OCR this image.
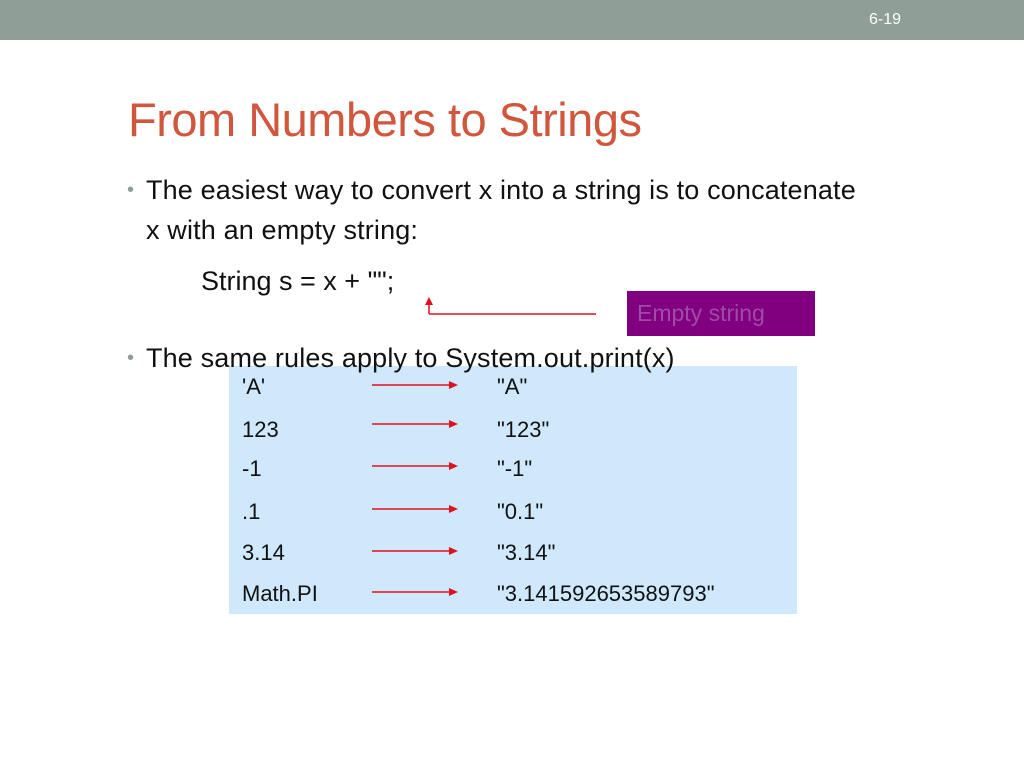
6-19
From Numbers to Strings
• The easiest way to convert x into a string is to concatenate x with an empty string:
String s = x + "";
Empty string
'A'	"A"
123	"123"
-1	"-1"
.1	"0.1"
3.14	"3.14"
Math.PI	"3.141592653589793"
• The same rules apply to System.out.print(x)
